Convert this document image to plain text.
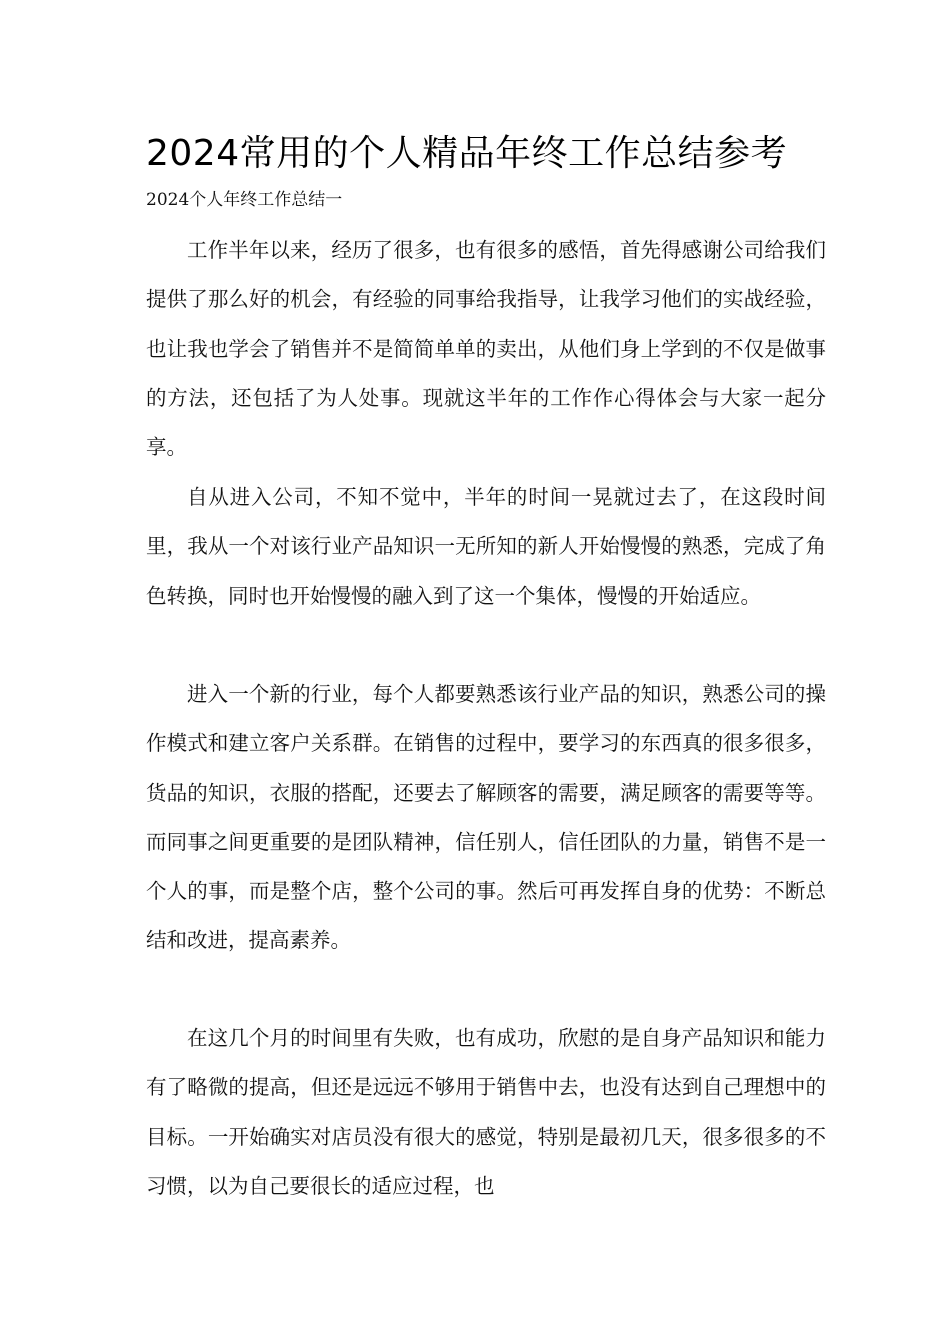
2024常用的个人精品年终工作总结参考
2024个人年终工作总结一

工作半年以来，经历了很多，也有很多的感悟，首先得感谢公司给我们提供了那么好的机会，有经验的同事给我指导，让我学习他们的实战经验，也让我也学会了销售并不是简简单单的卖出，从他们身上学到的不仅是做事的方法，还包括了为人处事。现就这半年的工作作心得体会与大家一起分享。

自从进入公司，不知不觉中，半年的时间一晃就过去了，在这段时间里，我从一个对该行业产品知识一无所知的新人开始慢慢的熟悉，完成了角色转换，同时也开始慢慢的融入到了这一个集体，慢慢的开始适应。

进入一个新的行业，每个人都要熟悉该行业产品的知识，熟悉公司的操作模式和建立客户关系群。在销售的过程中，要学习的东西真的很多很多，货品的知识，衣服的搭配，还要去了解顾客的需要，满足顾客的需要等等。而同事之间更重要的是团队精神，信任别人，信任团队的力量，销售不是一个人的事，而是整个店，整个公司的事。然后可再发挥自身的优势：不断总结和改进，提高素养。

在这几个月的时间里有失败，也有成功，欣慰的是自身产品知识和能力有了略微的提高，但还是远远不够用于销售中去，也没有达到自己理想中的目标。一开始确实对店员没有很大的感觉，特别是最初几天，很多很多的不习惯，以为自己要很长的适应过程，也
